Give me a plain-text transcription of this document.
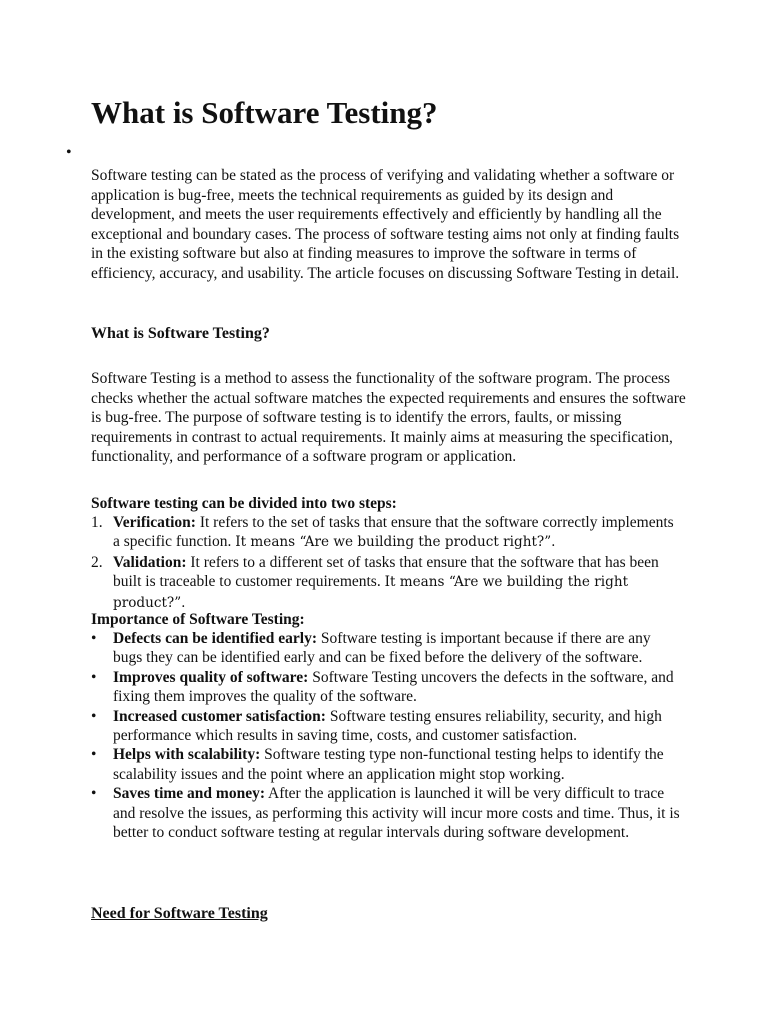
What is Software Testing?
•

Software testing can be stated as the process of verifying and validating whether a software or application is bug-free, meets the technical requirements as guided by its design and development, and meets the user requirements effectively and efficiently by handling all the exceptional and boundary cases. The process of software testing aims not only at finding faults in the existing software but also at finding measures to improve the software in terms of efficiency, accuracy, and usability. The article focuses on discussing Software Testing in detail.

What is Software Testing?

Software Testing is a method to assess the functionality of the software program. The process checks whether the actual software matches the expected requirements and ensures the software is bug-free. The purpose of software testing is to identify the errors, faults, or missing requirements in contrast to actual requirements. It mainly aims at measuring the specification, functionality, and performance of a software program or application.

Software testing can be divided into two steps:

1. Verification: It refers to the set of tasks that ensure that the software correctly implements a specific function. It means “Are we building the product right?”.
2. Validation: It refers to a different set of tasks that ensure that the software that has been built is traceable to customer requirements. It means “Are we building the right product?”.

Importance of Software Testing:

• Defects can be identified early: Software testing is important because if there are any bugs they can be identified early and can be fixed before the delivery of the software.
• Improves quality of software: Software Testing uncovers the defects in the software, and fixing them improves the quality of the software.
• Increased customer satisfaction: Software testing ensures reliability, security, and high performance which results in saving time, costs, and customer satisfaction.
• Helps with scalability: Software testing type non-functional testing helps to identify the scalability issues and the point where an application might stop working.
• Saves time and money: After the application is launched it will be very difficult to trace and resolve the issues, as performing this activity will incur more costs and time. Thus, it is better to conduct software testing at regular intervals during software development.

Need for Software Testing
